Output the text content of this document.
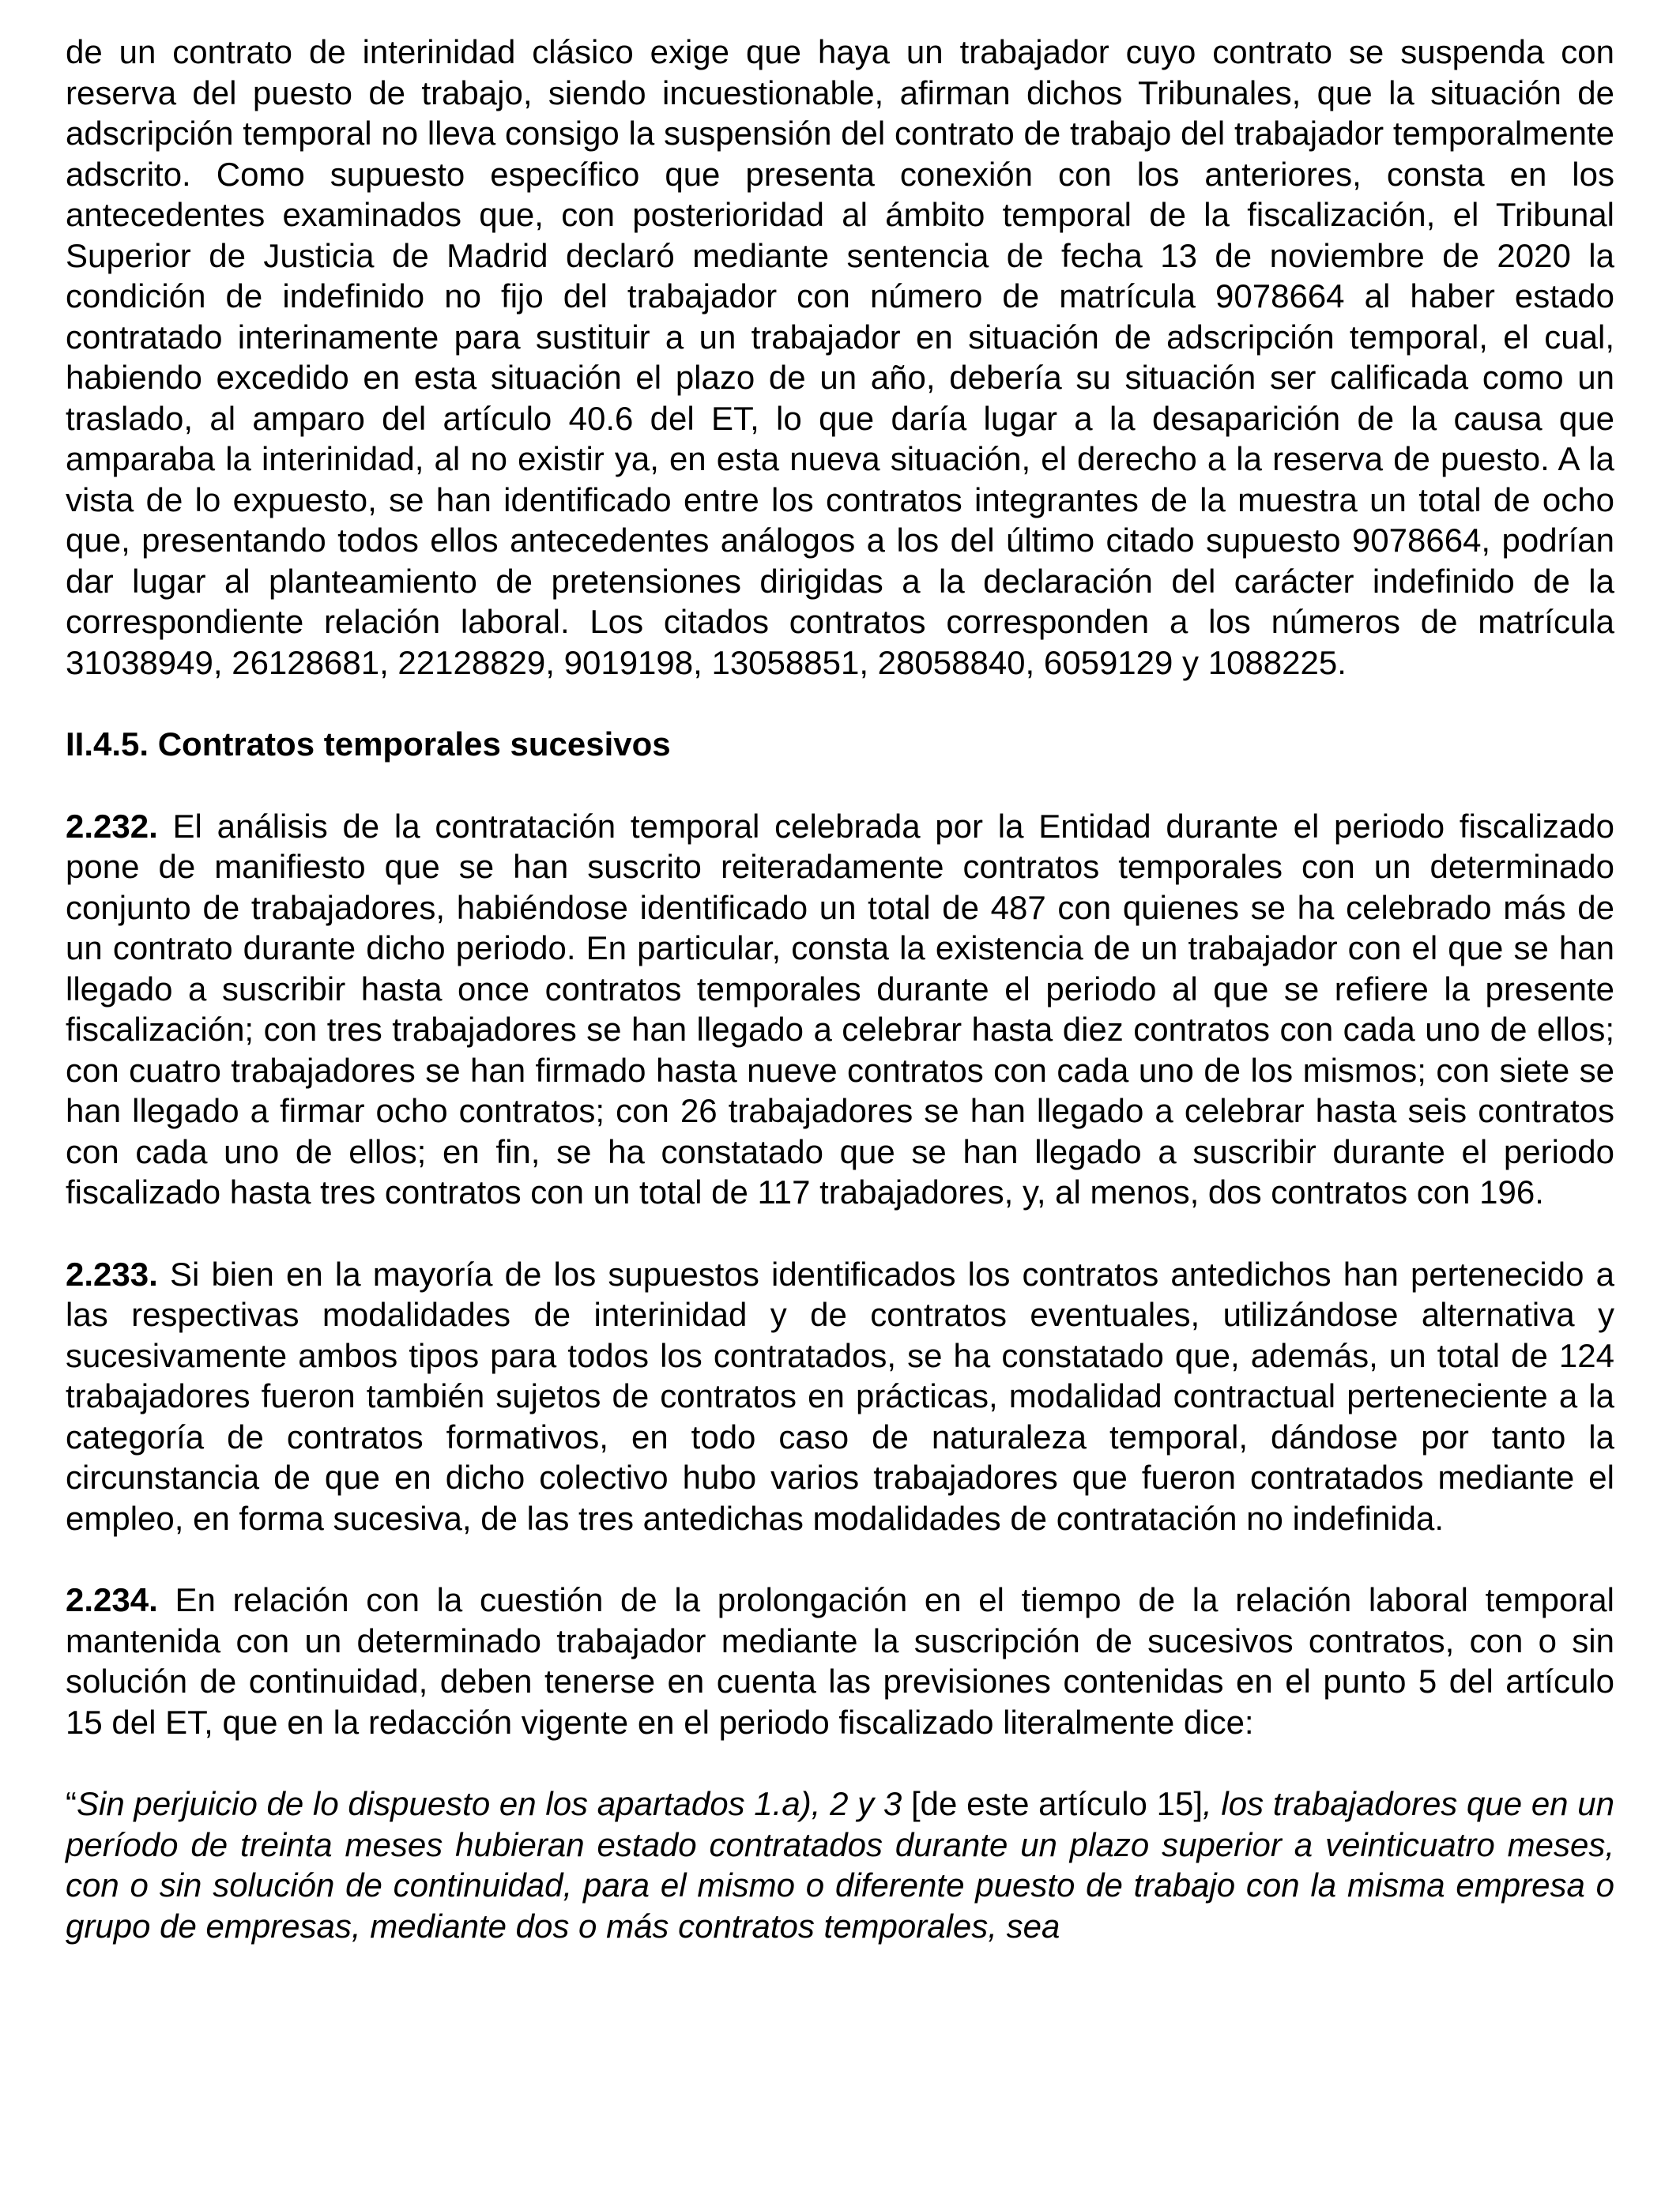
de un contrato de interinidad clásico exige que haya un trabajador cuyo contrato se suspenda con reserva del puesto de trabajo, siendo incuestionable, afirman dichos Tribunales, que la situación de adscripción temporal no lleva consigo la suspensión del contrato de trabajo del trabajador temporalmente adscrito. Como supuesto específico que presenta conexión con los anteriores, consta en los antecedentes examinados que, con posterioridad al ámbito temporal de la fiscalización, el Tribunal Superior de Justicia de Madrid declaró mediante sentencia de fecha 13 de noviembre de 2020 la condición de indefinido no fijo del trabajador con número de matrícula 9078664 al haber estado contratado interinamente para sustituir a un trabajador en situación de adscripción temporal, el cual, habiendo excedido en esta situación el plazo de un año, debería su situación ser calificada como un traslado, al amparo del artículo 40.6 del ET, lo que daría lugar a la desaparición de la causa que amparaba la interinidad, al no existir ya, en esta nueva situación, el derecho a la reserva de puesto. A la vista de lo expuesto, se han identificado entre los contratos integrantes de la muestra un total de ocho que, presentando todos ellos antecedentes análogos a los del último citado supuesto 9078664, podrían dar lugar al planteamiento de pretensiones dirigidas a la declaración del carácter indefinido de la correspondiente relación laboral. Los citados contratos corresponden a los números de matrícula 31038949, 26128681, 22128829, 9019198, 13058851, 28058840, 6059129 y 1088225.

II.4.5. Contratos temporales sucesivos

2.232. El análisis de la contratación temporal celebrada por la Entidad durante el periodo fiscalizado pone de manifiesto que se han suscrito reiteradamente contratos temporales con un determinado conjunto de trabajadores, habiéndose identificado un total de 487 con quienes se ha celebrado más de un contrato durante dicho periodo. En particular, consta la existencia de un trabajador con el que se han llegado a suscribir hasta once contratos temporales durante el periodo al que se refiere la presente fiscalización; con tres trabajadores se han llegado a celebrar hasta diez contratos con cada uno de ellos; con cuatro trabajadores se han firmado hasta nueve contratos con cada uno de los mismos; con siete se han llegado a firmar ocho contratos; con 26 trabajadores se han llegado a celebrar hasta seis contratos con cada uno de ellos; en fin, se ha constatado que se han llegado a suscribir durante el periodo fiscalizado hasta tres contratos con un total de 117 trabajadores, y, al menos, dos contratos con 196.

2.233. Si bien en la mayoría de los supuestos identificados los contratos antedichos han pertenecido a las respectivas modalidades de interinidad y de contratos eventuales, utilizándose alternativa y sucesivamente ambos tipos para todos los contratados, se ha constatado que, además, un total de 124 trabajadores fueron también sujetos de contratos en prácticas, modalidad contractual perteneciente a la categoría de contratos formativos, en todo caso de naturaleza temporal, dándose por tanto la circunstancia de que en dicho colectivo hubo varios trabajadores que fueron contratados mediante el empleo, en forma sucesiva, de las tres antedichas modalidades de contratación no indefinida.

2.234. En relación con la cuestión de la prolongación en el tiempo de la relación laboral temporal mantenida con un determinado trabajador mediante la suscripción de sucesivos contratos, con o sin solución de continuidad, deben tenerse en cuenta las previsiones contenidas en el punto 5 del artículo 15 del ET, que en la redacción vigente en el periodo fiscalizado literalmente dice:

“Sin perjuicio de lo dispuesto en los apartados 1.a), 2 y 3 [de este artículo 15], los trabajadores que en un período de treinta meses hubieran estado contratados durante un plazo superior a veinticuatro meses, con o sin solución de continuidad, para el mismo o diferente puesto de trabajo con la misma empresa o grupo de empresas, mediante dos o más contratos temporales, sea
